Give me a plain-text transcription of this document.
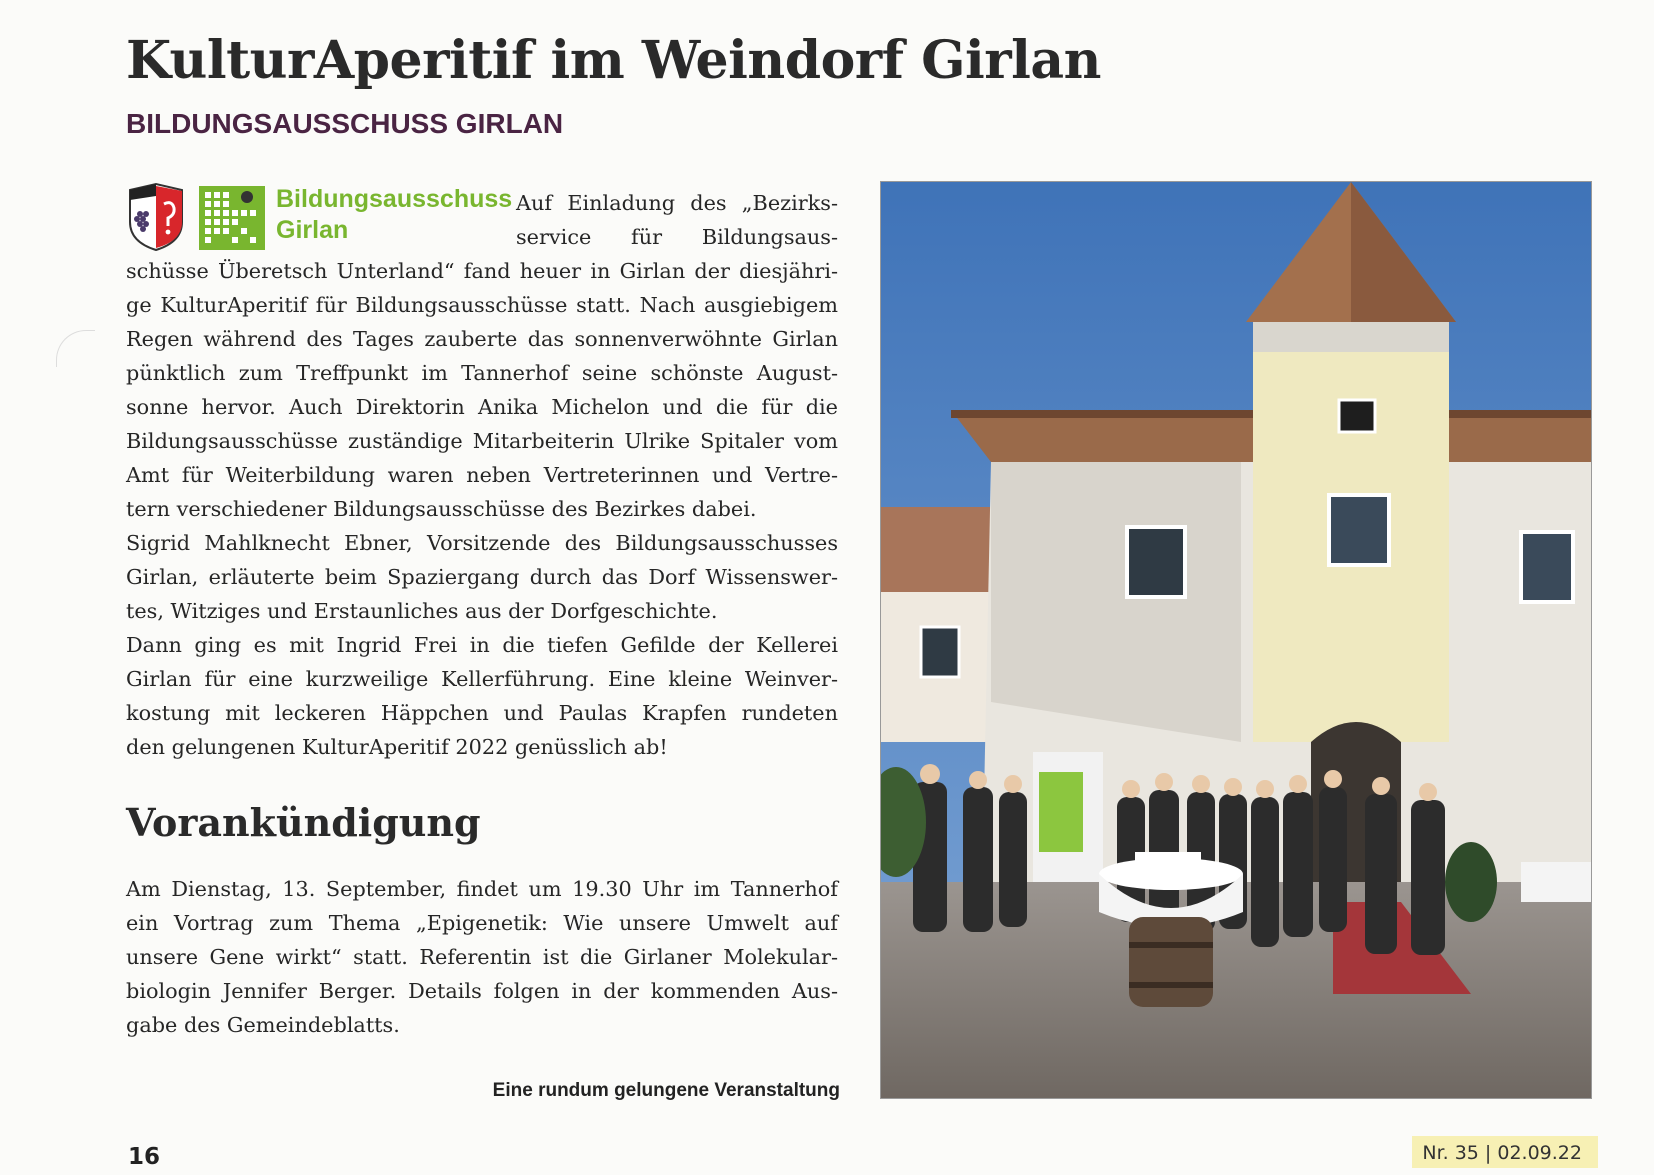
KulturAperitif im Weindorf Girlan
BILDUNGSAUSSCHUSS GIRLAN
Bildungsausschuss
Girlan
Auf Einladung des „Bezirks-
service für Bildungsaus-
schüsse Überetsch Unterland“ fand heuer in Girlan der diesjähri-
ge KulturAperitif für Bildungsausschüsse statt. Nach ausgiebigem
Regen während des Tages zauberte das sonnenverwöhnte Girlan
pünktlich zum Treffpunkt im Tannerhof seine schönste August-
sonne hervor. Auch Direktorin Anika Michelon und die für die
Bildungsausschüsse zuständige Mitarbeiterin Ulrike Spitaler vom
Amt für Weiterbildung waren neben Vertreterinnen und Vertre-
tern verschiedener Bildungsausschüsse des Bezirkes dabei.
Sigrid Mahlknecht Ebner, Vorsitzende des Bildungsausschusses
Girlan, erläuterte beim Spaziergang durch das Dorf Wissenswer-
tes, Witziges und Erstaunliches aus der Dorfgeschichte.
Dann ging es mit Ingrid Frei in die tiefen Gefilde der Kellerei
Girlan für eine kurzweilige Kellerführung. Eine kleine Weinver-
kostung mit leckeren Häppchen und Paulas Krapfen rundeten
den gelungenen KulturAperitif 2022 genüsslich ab!
Vorankündigung
Am Dienstag, 13. September, findet um 19.30 Uhr im Tannerhof
ein Vortrag zum Thema „Epigenetik: Wie unsere Umwelt auf
unsere Gene wirkt“ statt. Referentin ist die Girlaner Molekular-
biologin Jennifer Berger. Details folgen in der kommenden Aus-
gabe des Gemeindeblatts.
Eine rundum gelungene Veranstaltung
16	Nr. 35 | 02.09.22
